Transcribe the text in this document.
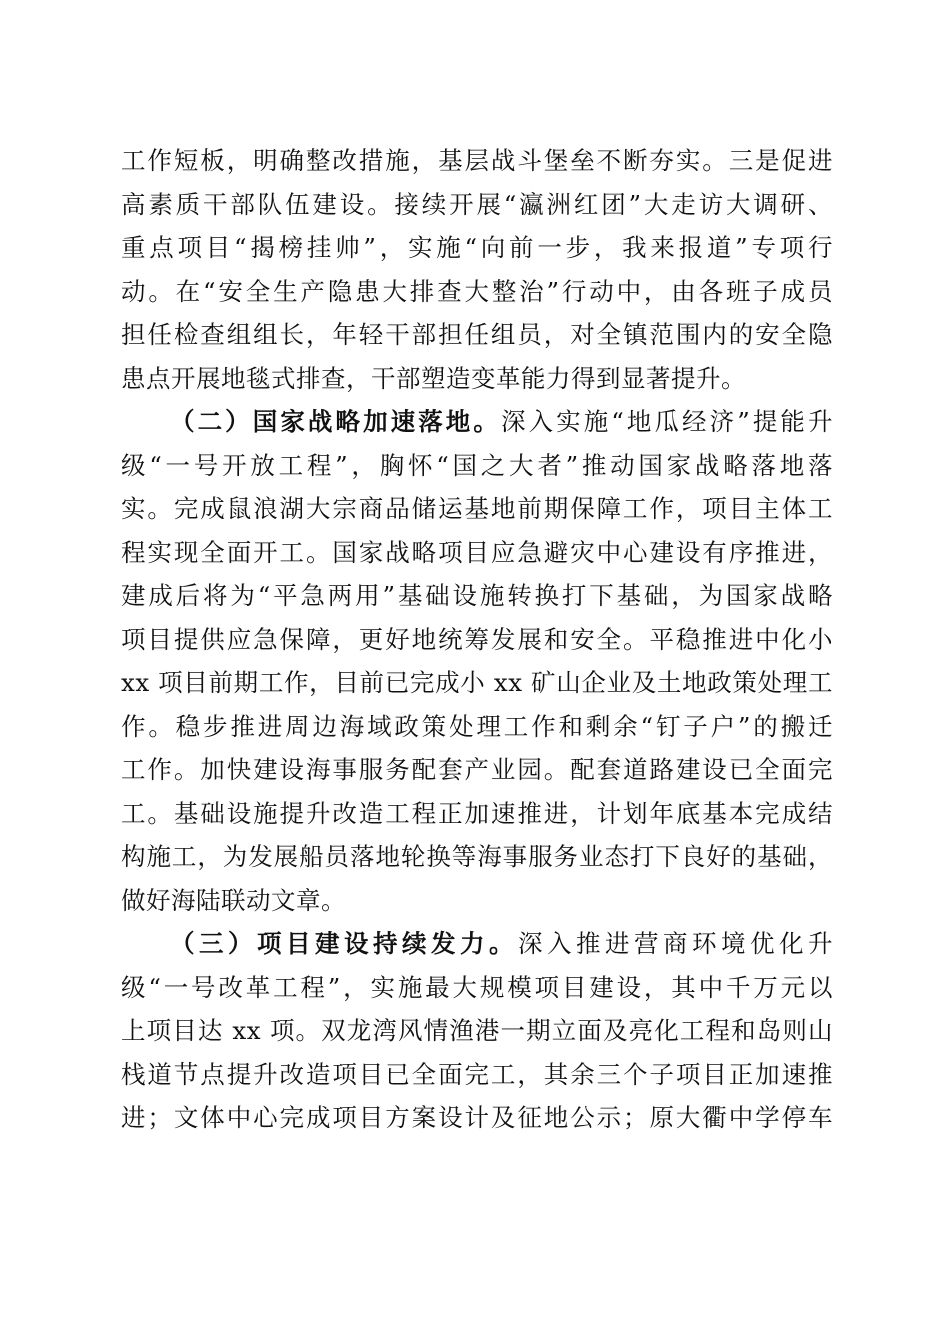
工作短板，明确整改措施，基层战斗堡垒不断夯实。三是促进
高素质干部队伍建设。接续开展“瀛洲红团”大走访大调研、
重点项目“揭榜挂帅”，实施“向前一步，我来报道”专项行
动。在“安全生产隐患大排查大整治”行动中，由各班子成员
担任检查组组长，年轻干部担任组员，对全镇范围内的安全隐
患点开展地毯式排查，干部塑造变革能力得到显著提升。
（二）国家战略加速落地。深入实施“地瓜经济”提能升
级“一号开放工程”，胸怀“国之大者”推动国家战略落地落
实。完成鼠浪湖大宗商品储运基地前期保障工作，项目主体工
程实现全面开工。国家战略项目应急避灾中心建设有序推进，
建成后将为“平急两用”基础设施转换打下基础，为国家战略
项目提供应急保障，更好地统筹发展和安全。平稳推进中化小
xx 项目前期工作，目前已完成小 xx 矿山企业及土地政策处理工
作。稳步推进周边海域政策处理工作和剩余“钉子户”的搬迁
工作。加快建设海事服务配套产业园。配套道路建设已全面完
工。基础设施提升改造工程正加速推进，计划年底基本完成结
构施工，为发展船员落地轮换等海事服务业态打下良好的基础，
做好海陆联动文章。
（三）项目建设持续发力。深入推进营商环境优化升
级“一号改革工程”，实施最大规模项目建设，其中千万元以
上项目达 xx 项。双龙湾风情渔港一期立面及亮化工程和岛则山
栈道节点提升改造项目已全面完工，其余三个子项目正加速推
进；文体中心完成项目方案设计及征地公示；原大衢中学停车
